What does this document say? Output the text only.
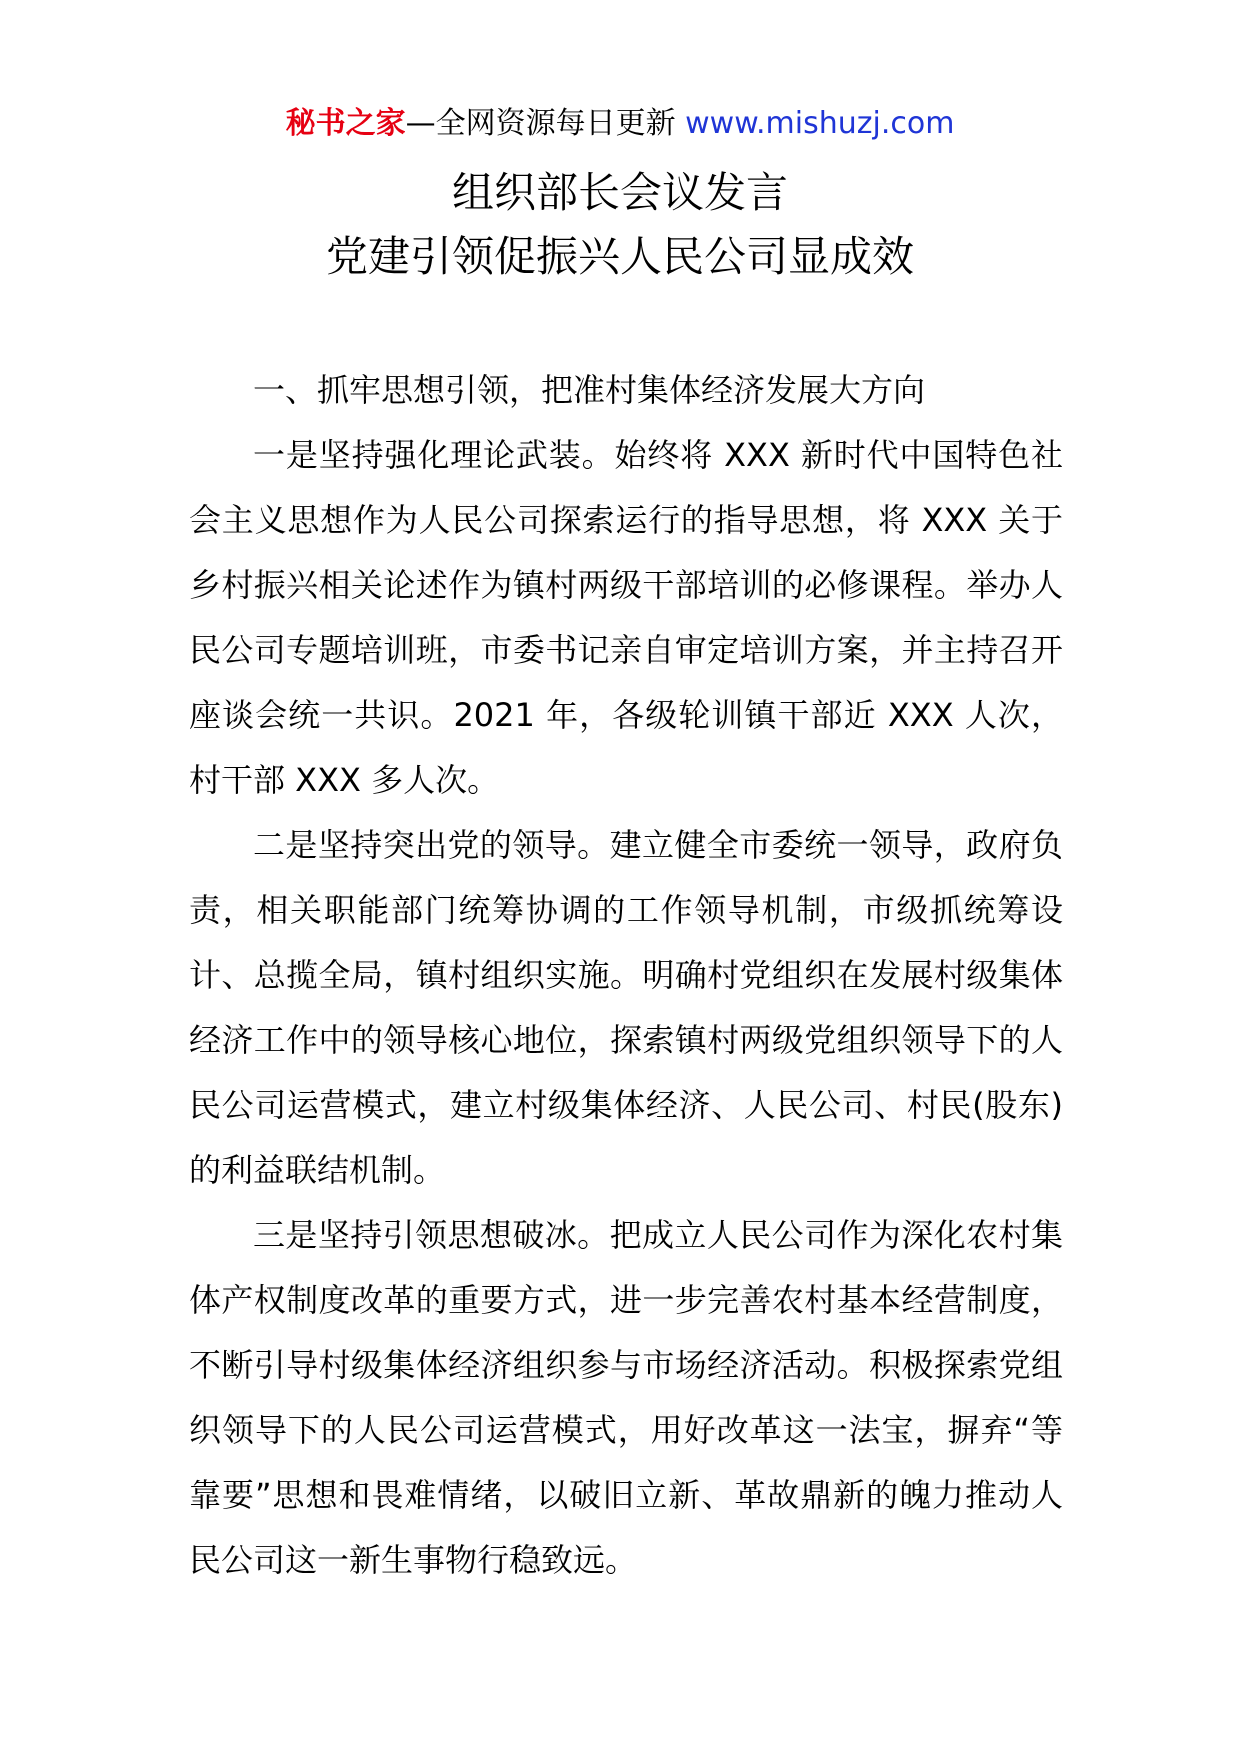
秘书之家—全网资源每日更新 www.mishuzj.com
组织部长会议发言
党建引领促振兴人民公司显成效

一、抓牢思想引领，把准村集体经济发展大方向

一是坚持强化理论武装。始终将 XXX 新时代中国特色社会主义思想作为人民公司探索运行的指导思想，将 XXX 关于乡村振兴相关论述作为镇村两级干部培训的必修课程。举办人民公司专题培训班，市委书记亲自审定培训方案，并主持召开座谈会统一共识。2021 年，各级轮训镇干部近 XXX 人次，村干部 XXX 多人次。

二是坚持突出党的领导。建立健全市委统一领导，政府负责，相关职能部门统筹协调的工作领导机制，市级抓统筹设计、总揽全局，镇村组织实施。明确村党组织在发展村级集体经济工作中的领导核心地位，探索镇村两级党组织领导下的人民公司运营模式，建立村级集体经济、人民公司、村民(股东)的利益联结机制。

三是坚持引领思想破冰。把成立人民公司作为深化农村集体产权制度改革的重要方式，进一步完善农村基本经营制度，不断引导村级集体经济组织参与市场经济活动。积极探索党组织领导下的人民公司运营模式，用好改革这一法宝，摒弃“等靠要”思想和畏难情绪，以破旧立新、革故鼎新的魄力推动人民公司这一新生事物行稳致远。
